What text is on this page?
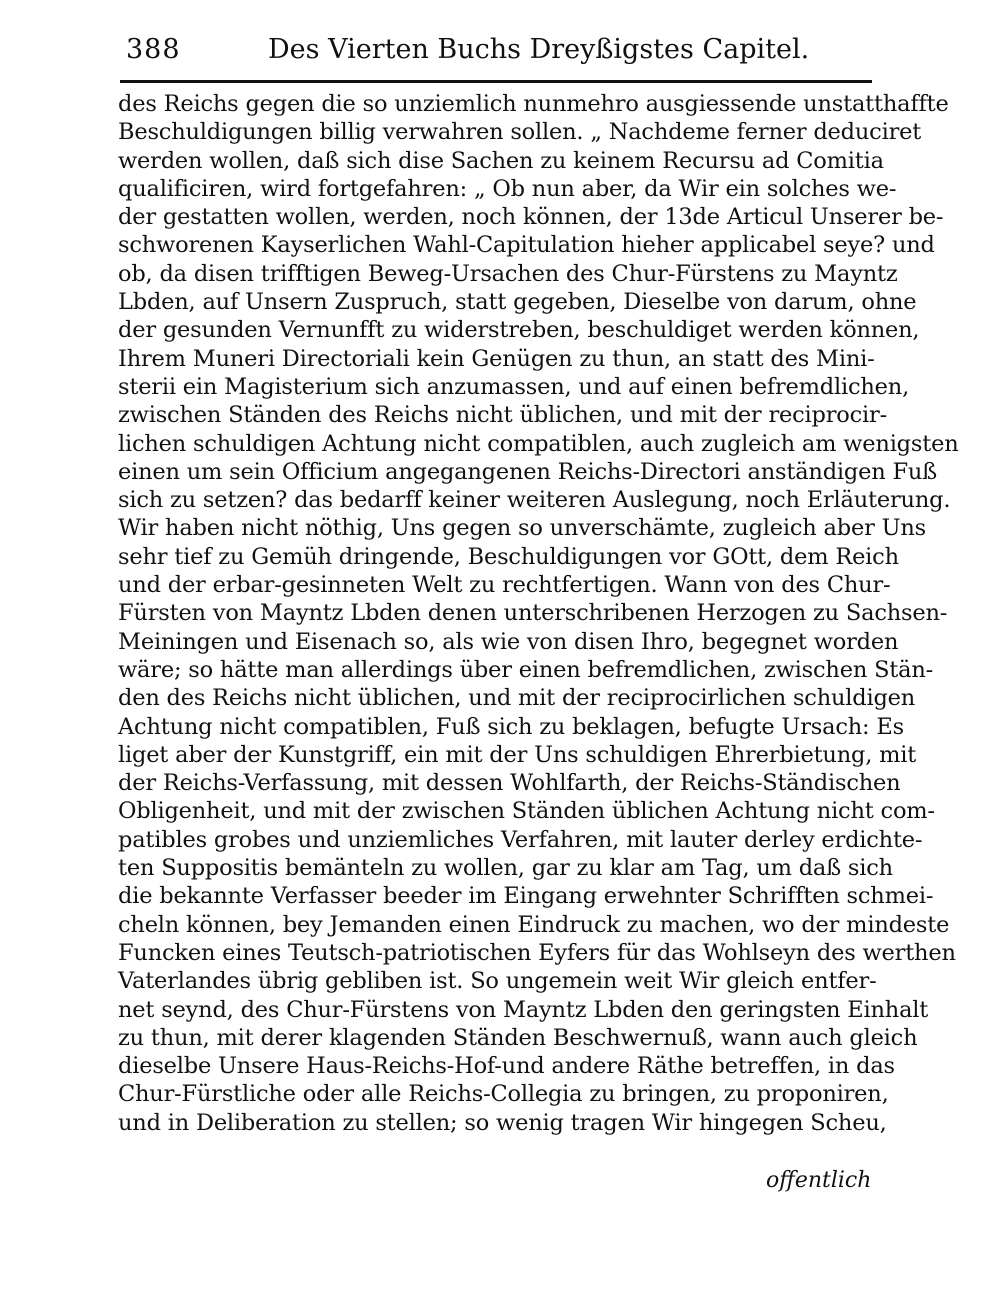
388	Des Vierten Buchs Dreyßigstes Capitel.
des Reichs gegen die so unziemlich nunmehro ausgiessende unstatthaffte
Beschuldigungen billig verwahren sollen. „ Nachdeme ferner deduciret
werden wollen, daß sich dise Sachen zu keinem Recursu ad Comitia
qualificiren, wird fortgefahren: „ Ob nun aber, da Wir ein solches we-
der gestatten wollen, werden, noch können, der 13de Articul Unserer be-
schworenen Kayserlichen Wahl-Capitulation hieher applicabel seye? und
ob, da disen trifftigen Beweg-Ursachen des Chur-Fürstens zu Mayntz
Lbden, auf Unsern Zuspruch, statt gegeben, Dieselbe von darum, ohne
der gesunden Vernunfft zu widerstreben, beschuldiget werden können,
Ihrem Muneri Directoriali kein Genügen zu thun, an statt des Mini-
sterii ein Magisterium sich anzumassen, und auf einen befremdlichen,
zwischen Ständen des Reichs nicht üblichen, und mit der reciprocir-
lichen schuldigen Achtung nicht compatiblen, auch zugleich am wenigsten
einen um sein Officium angegangenen Reichs-Directori anständigen Fuß
sich zu setzen? das bedarff keiner weiteren Auslegung, noch Erläuterung.
Wir haben nicht nöthig, Uns gegen so unverschämte, zugleich aber Uns
sehr tief zu Gemüh dringende, Beschuldigungen vor GOtt, dem Reich
und der erbar-gesinneten Welt zu rechtfertigen. Wann von des Chur-
Fürsten von Mayntz Lbden denen unterschribenen Herzogen zu Sachsen-
Meiningen und Eisenach so, als wie von disen Ihro, begegnet worden
wäre; so hätte man allerdings über einen befremdlichen, zwischen Stän-
den des Reichs nicht üblichen, und mit der reciprocirlichen schuldigen
Achtung nicht compatiblen, Fuß sich zu beklagen, befugte Ursach: Es
liget aber der Kunstgriff, ein mit der Uns schuldigen Ehrerbietung, mit
der Reichs-Verfassung, mit dessen Wohlfarth, der Reichs-Ständischen
Obligenheit, und mit der zwischen Ständen üblichen Achtung nicht com-
patibles grobes und unziemliches Verfahren, mit lauter derley erdichte-
ten Suppositis bemänteln zu wollen, gar zu klar am Tag, um daß sich
die bekannte Verfasser beeder im Eingang erwehnter Schrifften schmei-
cheln können, bey Jemanden einen Eindruck zu machen, wo der mindeste
Funcken eines Teutsch-patriotischen Eyfers für das Wohlseyn des werthen
Vaterlandes übrig gebliben ist. So ungemein weit Wir gleich entfer-
net seynd, des Chur-Fürstens von Mayntz Lbden den geringsten Einhalt
zu thun, mit derer klagenden Ständen Beschwernuß, wann auch gleich
dieselbe Unsere Haus-Reichs-Hof-und andere Räthe betreffen, in das
Chur-Fürstliche oder alle Reichs-Collegia zu bringen, zu proponiren,
und in Deliberation zu stellen; so wenig tragen Wir hingegen Scheu,
offentlich
